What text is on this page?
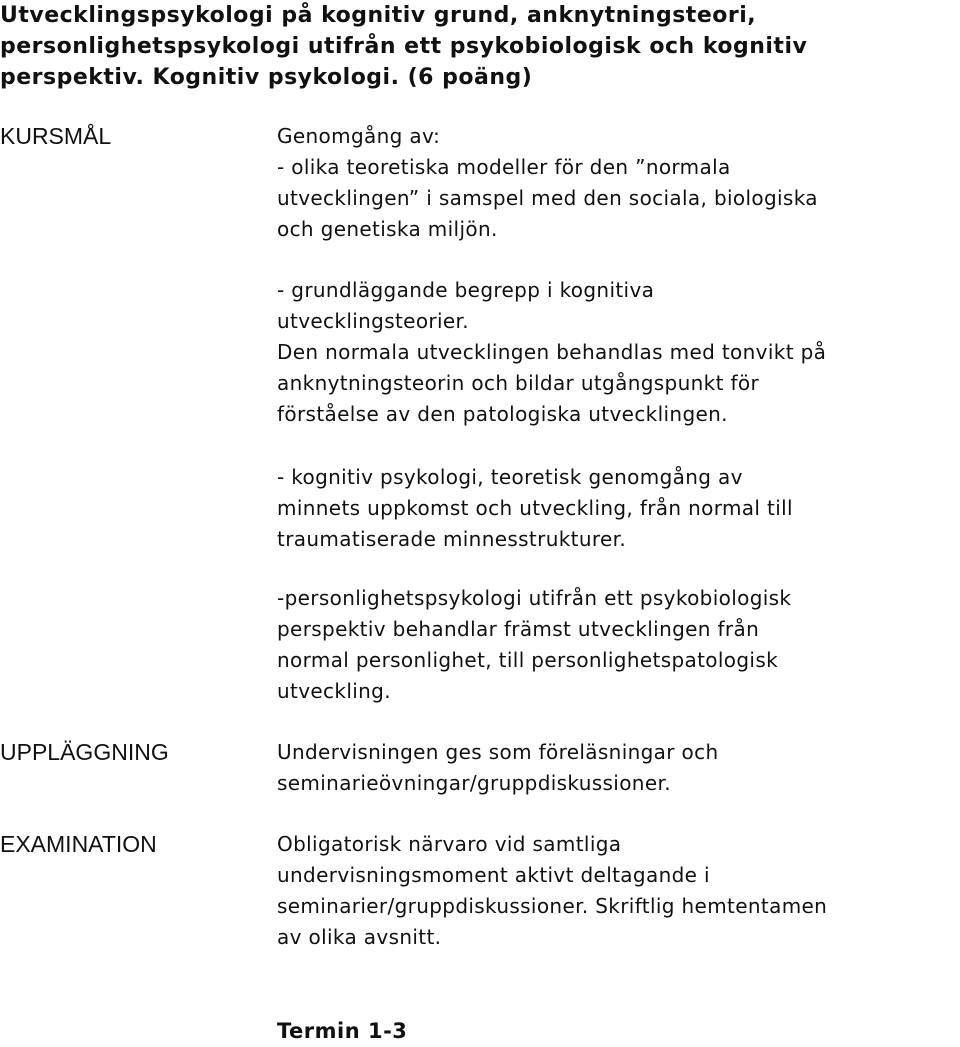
Utvecklingspsykologi på kognitiv grund, anknytningsteori,
personlighetspsykologi utifrån ett psykobiologisk och kognitiv
perspektiv. Kognitiv psykologi. (6 poäng)
KURSMÅL	Genomgång av:
- olika teoretiska modeller för den ”normala
utvecklingen” i samspel med den sociala, biologiska
och genetiska miljön.
- grundläggande begrepp i kognitiva
utvecklingsteorier.
Den normala utvecklingen behandlas med tonvikt på
anknytningsteorin och bildar utgångspunkt för
förståelse av den patologiska utvecklingen.
- kognitiv psykologi, teoretisk genomgång av
minnets uppkomst och utveckling, från normal till
traumatiserade minnesstrukturer.
-personlighetspsykologi utifrån ett psykobiologisk
perspektiv behandlar främst utvecklingen från
normal personlighet, till personlighetspatologisk
utveckling.
UPPLÄGGNING	Undervisningen ges som föreläsningar och
seminarieövningar/gruppdiskussioner.
EXAMINATION	Obligatorisk närvaro vid samtliga
undervisningsmoment aktivt deltagande i
seminarier/gruppdiskussioner. Skriftlig hemtentamen
av olika avsnitt.
Termin 1-3
